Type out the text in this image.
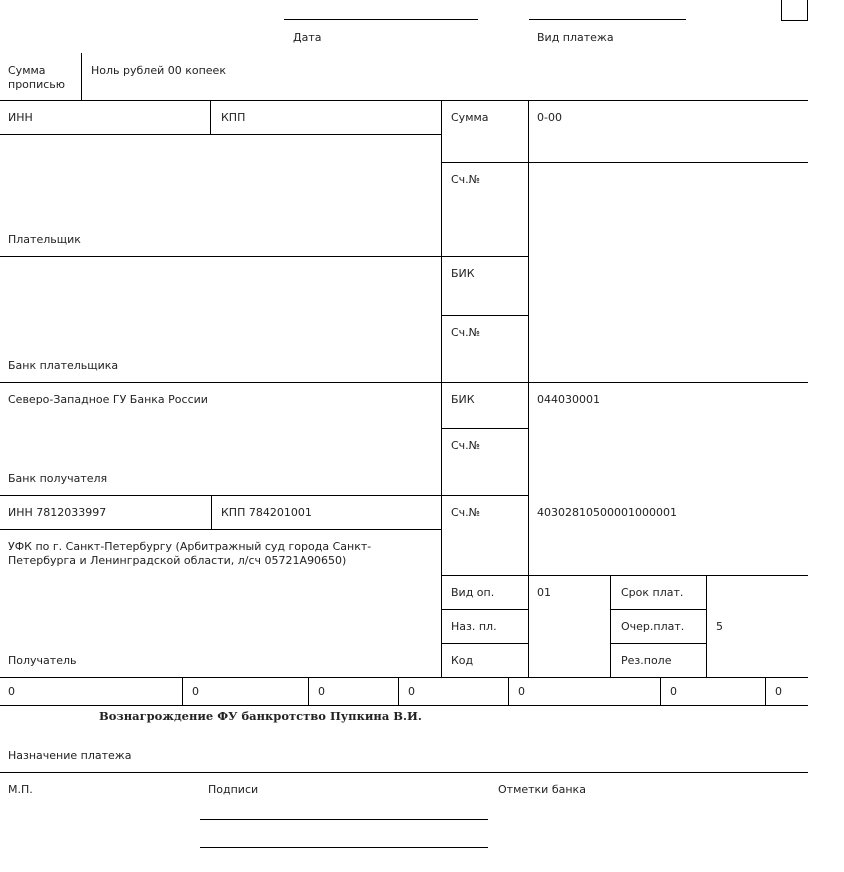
Дата	Вид платежа
Сумма прописью
Ноль рублей 00 копеек
ИНН	КПП	Сумма	0-00
Сч.№
Плательщик
БИК
Сч.№
Банк плательщика
Северо-Западное ГУ Банка России	БИК	044030001
Сч.№
Банк получателя
ИНН 7812033997	КПП 784201001	Сч.№	40302810500001000001
УФК по г. Санкт-Петербургу (Арбитражный суд города Санкт-Петербурга и Ленинградской области, л/сч 05721А90650)
Получатель
Вид оп.	01	Срок плат.
Наз. пл.	Очер.плат.	5
Код	Рез.поле
0	0	0	0	0	0	0
Вознагрождение ФУ банкротство Пупкина В.И.
Назначение платежа
М.П.	Подписи	Отметки банка
